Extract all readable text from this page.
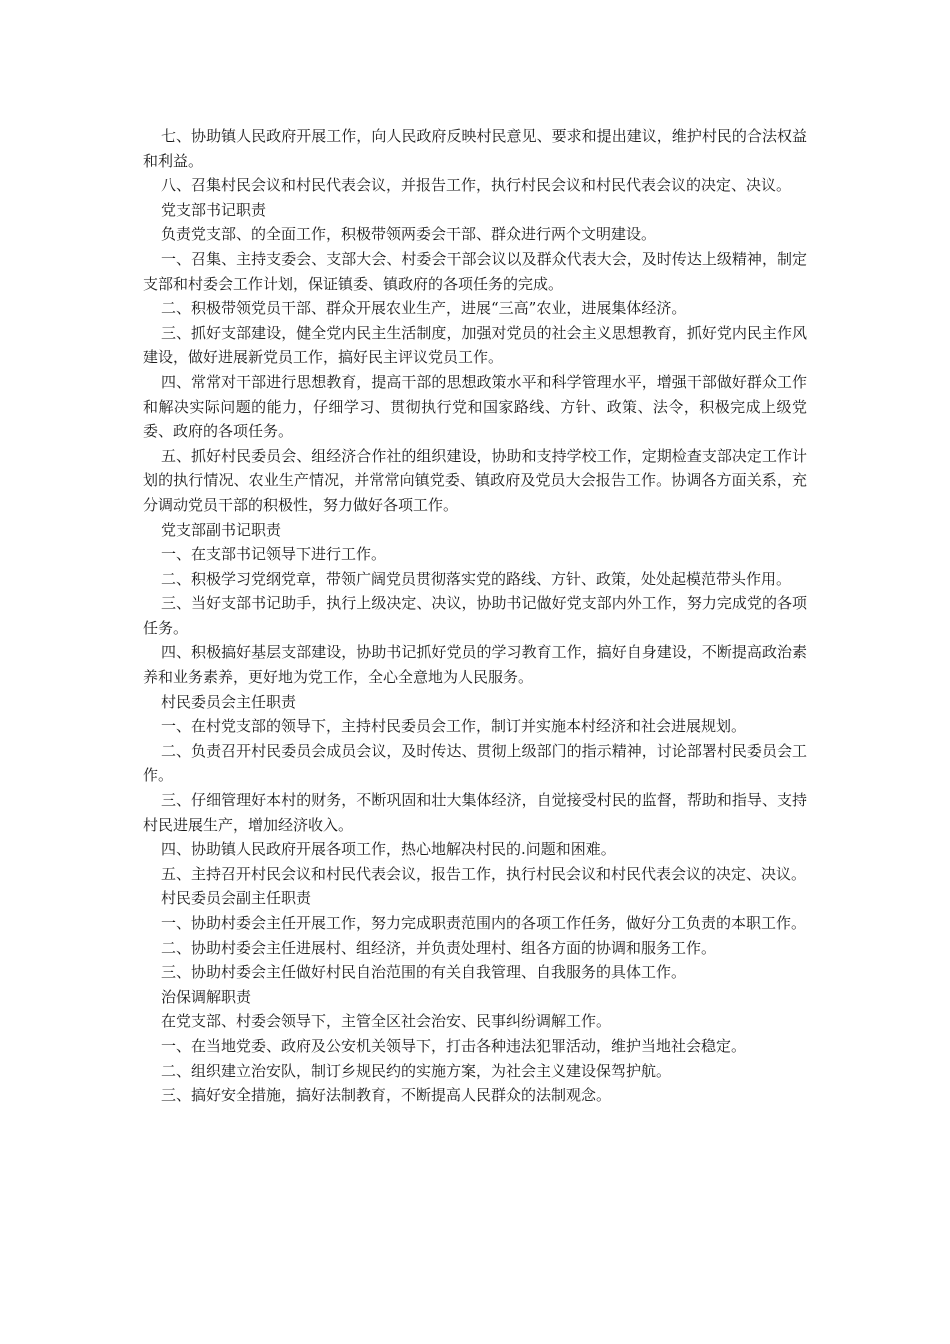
七、协助镇人民政府开展工作，向人民政府反映村民意见、要求和提出建议，维护村民的合法权益和利益。

八、召集村民会议和村民代表会议，并报告工作，执行村民会议和村民代表会议的决定、决议。

党支部书记职责

负责党支部、的全面工作，积极带领两委会干部、群众进行两个文明建设。

一、召集、主持支委会、支部大会、村委会干部会议以及群众代表大会，及时传达上级精神，制定支部和村委会工作计划，保证镇委、镇政府的各项任务的完成。

二、积极带领党员干部、群众开展农业生产，进展“三高”农业，进展集体经济。

三、抓好支部建设，健全党内民主生活制度，加强对党员的社会主义思想教育，抓好党内民主作风建设，做好进展新党员工作，搞好民主评议党员工作。

四、常常对干部进行思想教育，提高干部的思想政策水平和科学管理水平，增强干部做好群众工作和解决实际问题的能力，仔细学习、贯彻执行党和国家路线、方针、政策、法令，积极完成上级党委、政府的各项任务。

五、抓好村民委员会、组经济合作社的组织建设，协助和支持学校工作，定期检查支部决定工作计划的执行情况、农业生产情况，并常常向镇党委、镇政府及党员大会报告工作。协调各方面关系，充分调动党员干部的积极性，努力做好各项工作。

党支部副书记职责

一、在支部书记领导下进行工作。

二、积极学习党纲党章，带领广阔党员贯彻落实党的路线、方针、政策，处处起模范带头作用。

三、当好支部书记助手，执行上级决定、决议，协助书记做好党支部内外工作，努力完成党的各项任务。

四、积极搞好基层支部建设，协助书记抓好党员的学习教育工作，搞好自身建设，不断提高政治素养和业务素养，更好地为党工作，全心全意地为人民服务。

村民委员会主任职责

一、在村党支部的领导下，主持村民委员会工作，制订并实施本村经济和社会进展规划。

二、负责召开村民委员会成员会议，及时传达、贯彻上级部门的指示精神，讨论部署村民委员会工作。

三、仔细管理好本村的财务，不断巩固和壮大集体经济，自觉接受村民的监督，帮助和指导、支持村民进展生产，增加经济收入。

四、协助镇人民政府开展各项工作，热心地解决村民的.问题和困难。

五、主持召开村民会议和村民代表会议，报告工作，执行村民会议和村民代表会议的决定、决议。

村民委员会副主任职责

一、协助村委会主任开展工作，努力完成职责范围内的各项工作任务，做好分工负责的本职工作。

二、协助村委会主任进展村、组经济，并负责处理村、组各方面的协调和服务工作。

三、协助村委会主任做好村民自治范围的有关自我管理、自我服务的具体工作。

治保调解职责

在党支部、村委会领导下，主管全区社会治安、民事纠纷调解工作。

一、在当地党委、政府及公安机关领导下，打击各种违法犯罪活动，维护当地社会稳定。

二、组织建立治安队，制订乡规民约的实施方案，为社会主义建设保驾护航。

三、搞好安全措施，搞好法制教育，不断提高人民群众的法制观念。
